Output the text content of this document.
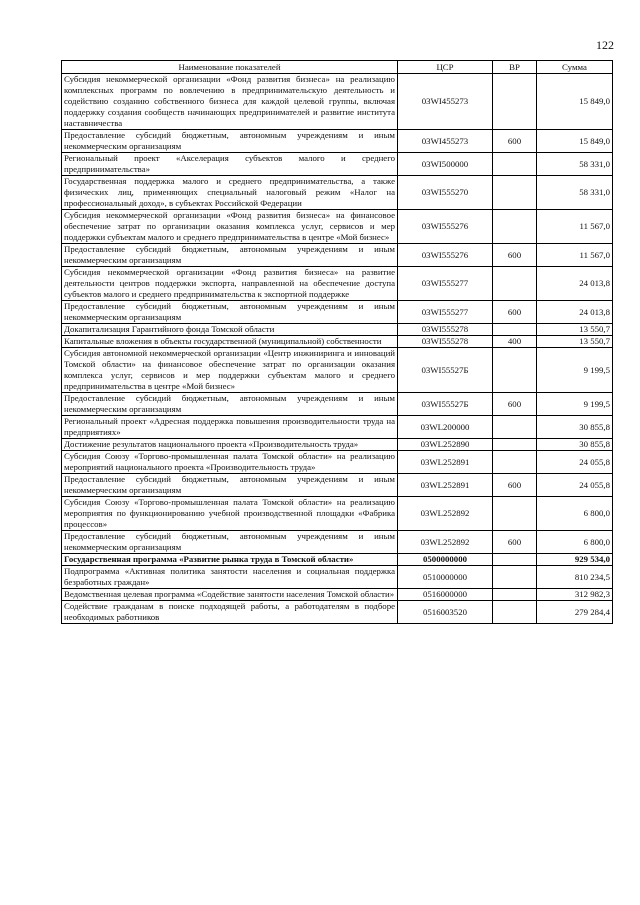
122
Наименование показателей	ЦСР	ВР	Сумма
Субсидия некоммерческой организации «Фонд развития бизнеса» на реализацию комплексных программ по вовлечению в предпринимательскую деятельность и содействию созданию собственного бизнеса для каждой целевой группы, включая поддержку создания сообществ начинающих предпринимателей и развитие института наставничества	03WI455273		15 849,0
Предоставление субсидий бюджетным, автономным учреждениям и иным некоммерческим организациям	03WI455273	600	15 849,0
Региональный проект «Акселерация субъектов малого и среднего предпринимательства»	03WI500000		58 331,0
Государственная поддержка малого и среднего предпринимательства, а также физических лиц, применяющих специальный налоговый режим «Налог на профессиональный доход», в субъектах Российской Федерации	03WI555270		58 331,0
Субсидия некоммерческой организации «Фонд развития бизнеса» на финансовое обеспечение затрат по организации оказания комплекса услуг, сервисов и мер поддержки субъектам малого и среднего предпринимательства в центре «Мой бизнес»	03WI555276		11 567,0
Предоставление субсидий бюджетным, автономным учреждениям и иным некоммерческим организациям	03WI555276	600	11 567,0
Субсидия некоммерческой организации «Фонд развития бизнеса» на развитие деятельности центров поддержки экспорта, направленной на обеспечение доступа субъектов малого и среднего предпринимательства к экспортной поддержке	03WI555277		24 013,8
Предоставление субсидий бюджетным, автономным учреждениям и иным некоммерческим организациям	03WI555277	600	24 013,8
Докапитализация Гарантийного фонда Томской области	03WI555278		13 550,7
Капитальные вложения в объекты государственной (муниципальной) собственности	03WI555278	400	13 550,7
Субсидия автономной некоммерческой организации «Центр инжиниринга и инноваций Томской области» на финансовое обеспечение затрат по организации оказания комплекса услуг, сервисов и мер поддержки субъектам малого и среднего предпринимательства в центре «Мой бизнес»	03WI55527Б		9 199,5
Предоставление субсидий бюджетным, автономным учреждениям и иным некоммерческим организациям	03WI55527Б	600	9 199,5
Региональный проект «Адресная поддержка повышения производительности труда на предприятиях»	03WL200000		30 855,8
Достижение результатов национального проекта «Производительность труда»	03WL252890		30 855,8
Субсидия Союзу «Торгово-промышленная палата Томской области» на реализацию мероприятий национального проекта «Производительность труда»	03WL252891		24 055,8
Предоставление субсидий бюджетным, автономным учреждениям и иным некоммерческим организациям	03WL252891	600	24 055,8
Субсидия Союзу «Торгово-промышленная палата Томской области» на реализацию мероприятия по функционированию учебной производственной площадки «Фабрика процессов»	03WL252892		6 800,0
Предоставление субсидий бюджетным, автономным учреждениям и иным некоммерческим организациям	03WL252892	600	6 800,0
Государственная программа «Развитие рынка труда в Томской области»	0500000000		929 534,0
Подпрограмма «Активная политика занятости населения и социальная поддержка безработных граждан»	0510000000		810 234,5
Ведомственная целевая программа «Содействие занятости населения Томской области»	0516000000		312 982,3
Содействие гражданам в поиске подходящей работы, а работодателям в подборе необходимых работников	0516003520		279 284,4
